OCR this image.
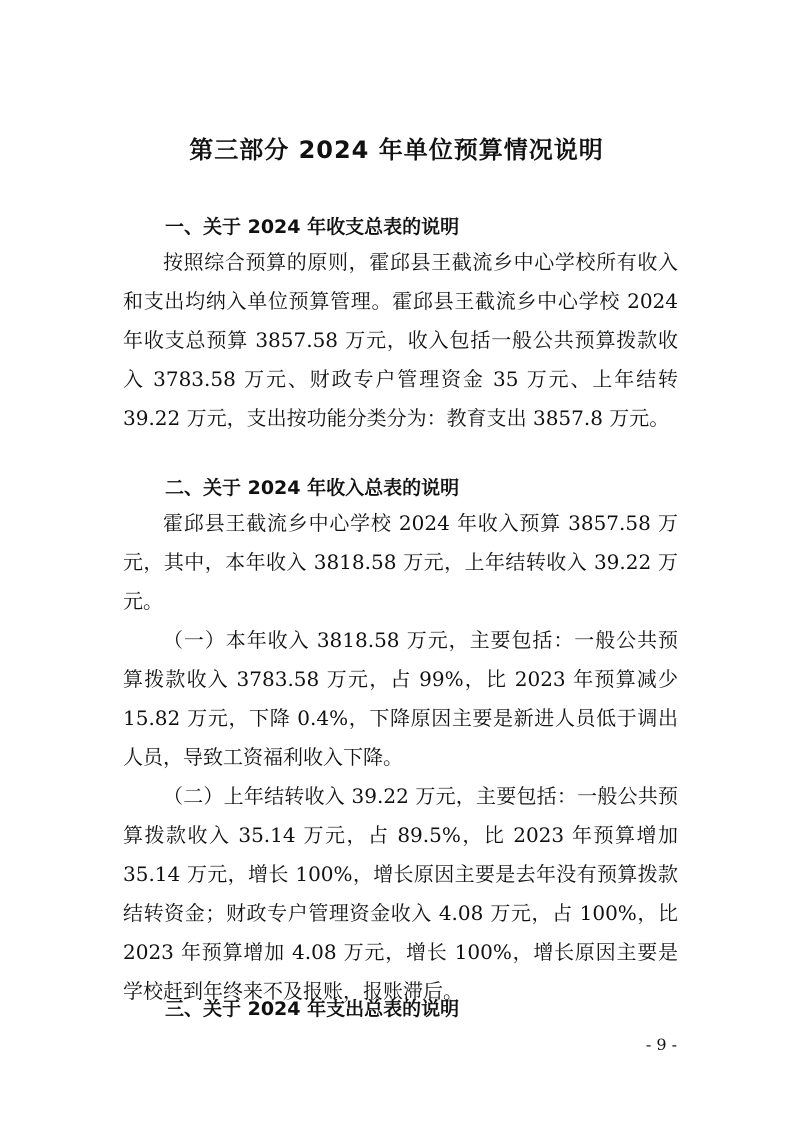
第三部分 2024 年单位预算情况说明
一、关于 2024 年收支总表的说明

按照综合预算的原则，霍邱县王截流乡中心学校所有收入和支出均纳入单位预算管理。霍邱县王截流乡中心学校 2024 年收支总预算 3857.58 万元，收入包括一般公共预算拨款收入 3783.58 万元、财政专户管理资金 35 万元、上年结转 39.22 万元，支出按功能分类分为：教育支出 3857.8 万元。

二、关于 2024 年收入总表的说明

霍邱县王截流乡中心学校 2024 年收入预算 3857.58 万元，其中，本年收入 3818.58 万元，上年结转收入 39.22 万元。

（一）本年收入 3818.58 万元，主要包括：一般公共预算拨款收入 3783.58 万元，占 99%，比 2023 年预算减少 15.82 万元，下降 0.4%，下降原因主要是新进人员低于调出人员，导致工资福利收入下降。

（二）上年结转收入 39.22 万元，主要包括：一般公共预算拨款收入 35.14 万元，占 89.5%，比 2023 年预算增加 35.14 万元，增长 100%，增长原因主要是去年没有预算拨款结转资金；财政专户管理资金收入 4.08 万元，占 100%，比 2023 年预算增加 4.08 万元，增长 100%，增长原因主要是学校赶到年终来不及报账，报账滞后。

三、关于 2024 年支出总表的说明
- 9 -
